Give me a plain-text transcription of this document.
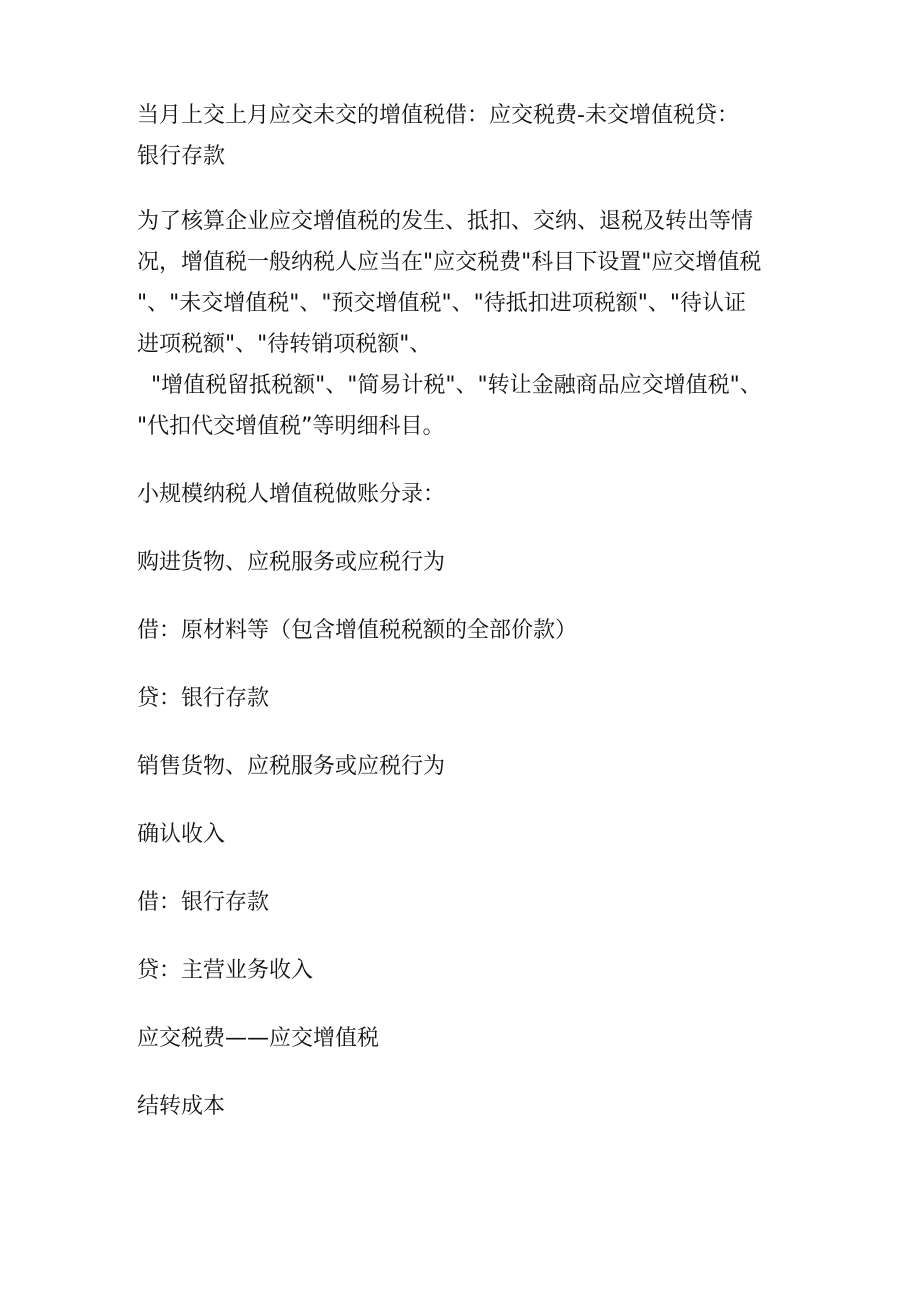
当月上交上月应交未交的增值税借：应交税费-未交增值税贷：
银行存款

为了核算企业应交增值税的发生、抵扣、交纳、退税及转出等情
况，增值税一般纳税人应当在"应交税费"科目下设置"应交增值税
"、"未交增值税"、"预交增值税"、"待抵扣进项税额"、"待认证
进项税额"、"待转销项税额"、
"增值税留抵税额"、"简易计税"、"转让金融商品应交增值税"、
"代扣代交增值税”等明细科目。

小规模纳税人增值税做账分录：

购进货物、应税服务或应税行为

借：原材料等（包含增值税税额的全部价款）

贷：银行存款

销售货物、应税服务或应税行为

确认收入

借：银行存款

贷：主营业务收入

应交税费——应交增值税

结转成本
